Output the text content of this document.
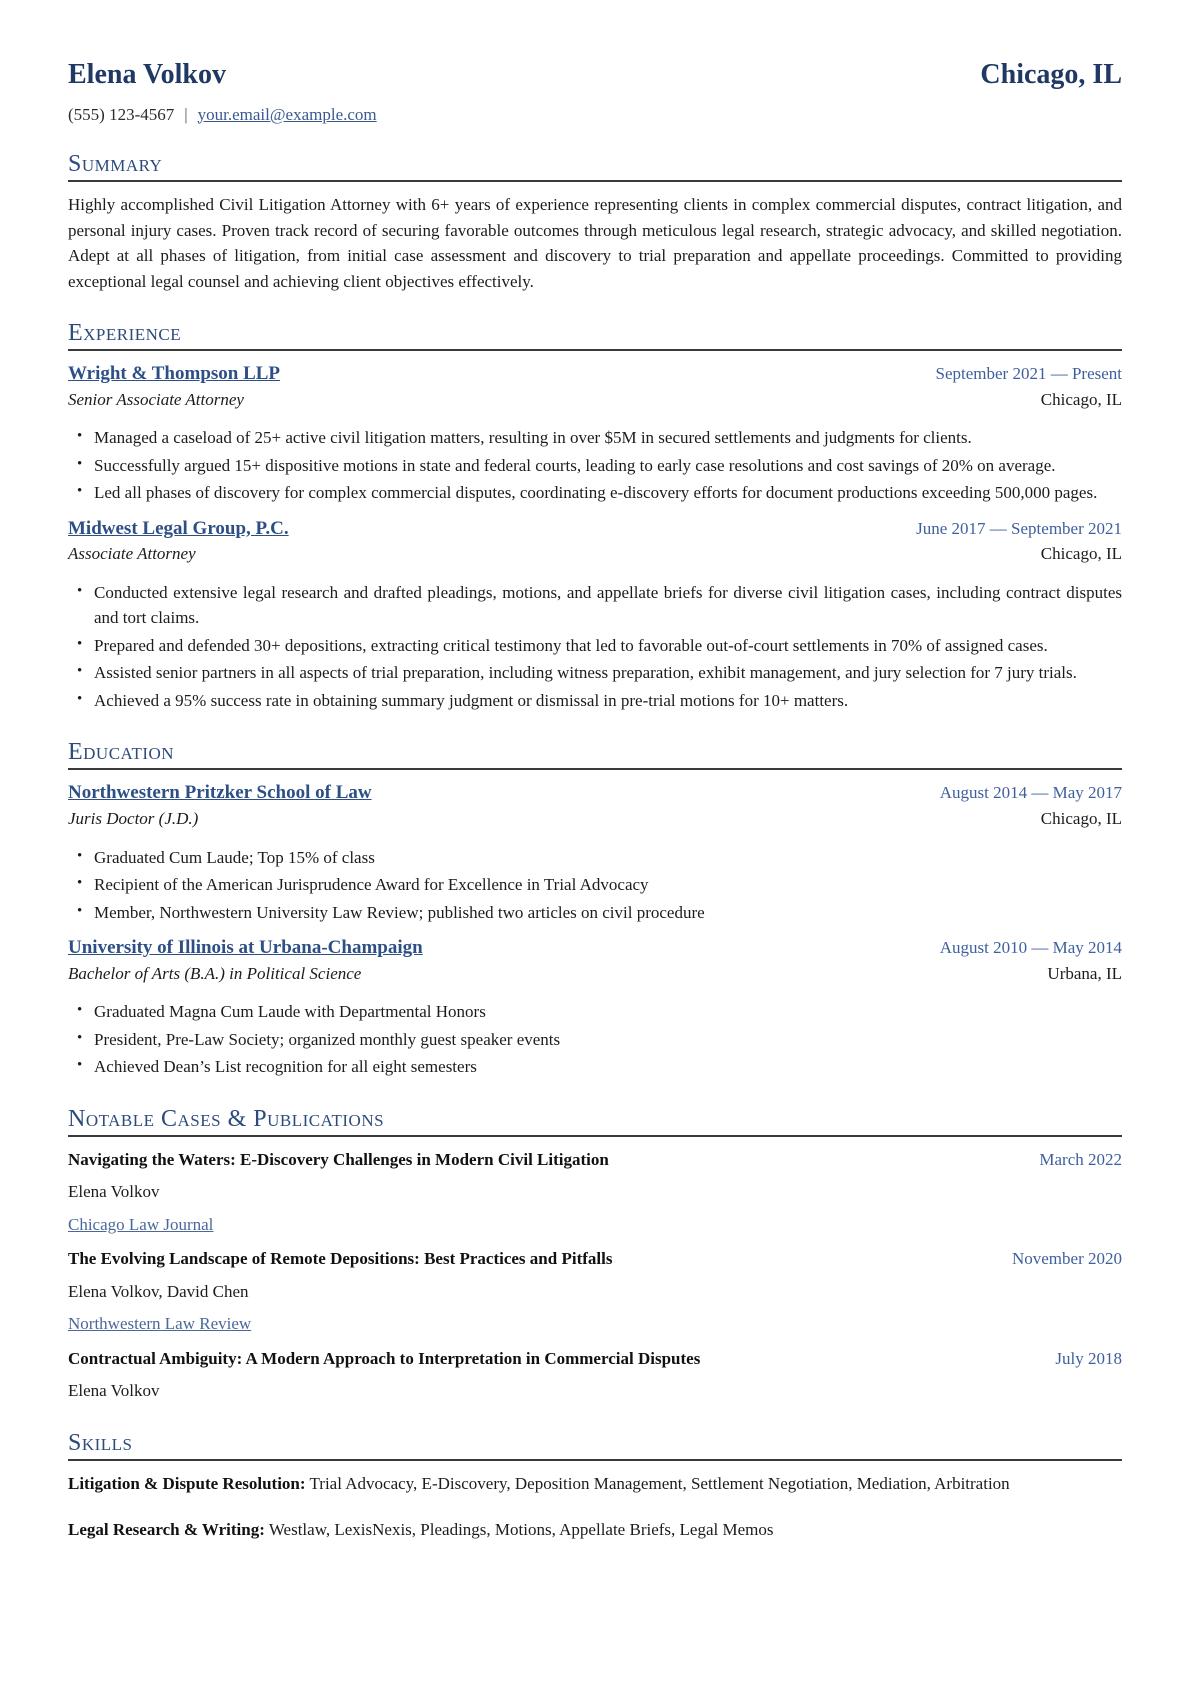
Elena Volkov	Chicago, IL
(555) 123-4567 | your.email@example.com
Summary

Highly accomplished Civil Litigation Attorney with 6+ years of experience representing clients in complex commercial disputes, contract litigation, and personal injury cases. Proven track record of securing favorable outcomes through meticulous legal research, strategic advocacy, and skilled negotiation. Adept at all phases of litigation, from initial case assessment and discovery to trial preparation and appellate proceedings. Committed to providing exceptional legal counsel and achieving client objectives effectively.

Experience
Wright & Thompson LLP	September 2021 — Present
Senior Associate Attorney	Chicago, IL
• Managed a caseload of 25+ active civil litigation matters, resulting in over $5M in secured settlements and judgments for clients.
• Successfully argued 15+ dispositive motions in state and federal courts, leading to early case resolutions and cost savings of 20% on average.
• Led all phases of discovery for complex commercial disputes, coordinating e-discovery efforts for document productions exceeding 500,000 pages.
Midwest Legal Group, P.C.	June 2017 — September 2021
Associate Attorney	Chicago, IL
• Conducted extensive legal research and drafted pleadings, motions, and appellate briefs for diverse civil litigation cases, including contract disputes and tort claims.
• Prepared and defended 30+ depositions, extracting critical testimony that led to favorable out-of-court settlements in 70% of assigned cases.
• Assisted senior partners in all aspects of trial preparation, including witness preparation, exhibit management, and jury selection for 7 jury trials.
• Achieved a 95% success rate in obtaining summary judgment or dismissal in pre-trial motions for 10+ matters.
Education
Northwestern Pritzker School of Law	August 2014 — May 2017
Juris Doctor (J.D.)	Chicago, IL
• Graduated Cum Laude; Top 15% of class
• Recipient of the American Jurisprudence Award for Excellence in Trial Advocacy
• Member, Northwestern University Law Review; published two articles on civil procedure
University of Illinois at Urbana-Champaign	August 2010 — May 2014
Bachelor of Arts (B.A.) in Political Science	Urbana, IL
• Graduated Magna Cum Laude with Departmental Honors
• President, Pre-Law Society; organized monthly guest speaker events
• Achieved Dean’s List recognition for all eight semesters
Notable Cases & Publications
Navigating the Waters: E-Discovery Challenges in Modern Civil Litigation	March 2022
Elena Volkov
Chicago Law Journal
The Evolving Landscape of Remote Depositions: Best Practices and Pitfalls	November 2020
Elena Volkov, David Chen
Northwestern Law Review
Contractual Ambiguity: A Modern Approach to Interpretation in Commercial Disputes	July 2018
Elena Volkov
Skills

Litigation & Dispute Resolution: Trial Advocacy, E-Discovery, Deposition Management, Settlement Negotiation, Mediation, Arbitration

Legal Research & Writing: Westlaw, LexisNexis, Pleadings, Motions, Appellate Briefs, Legal Memos
